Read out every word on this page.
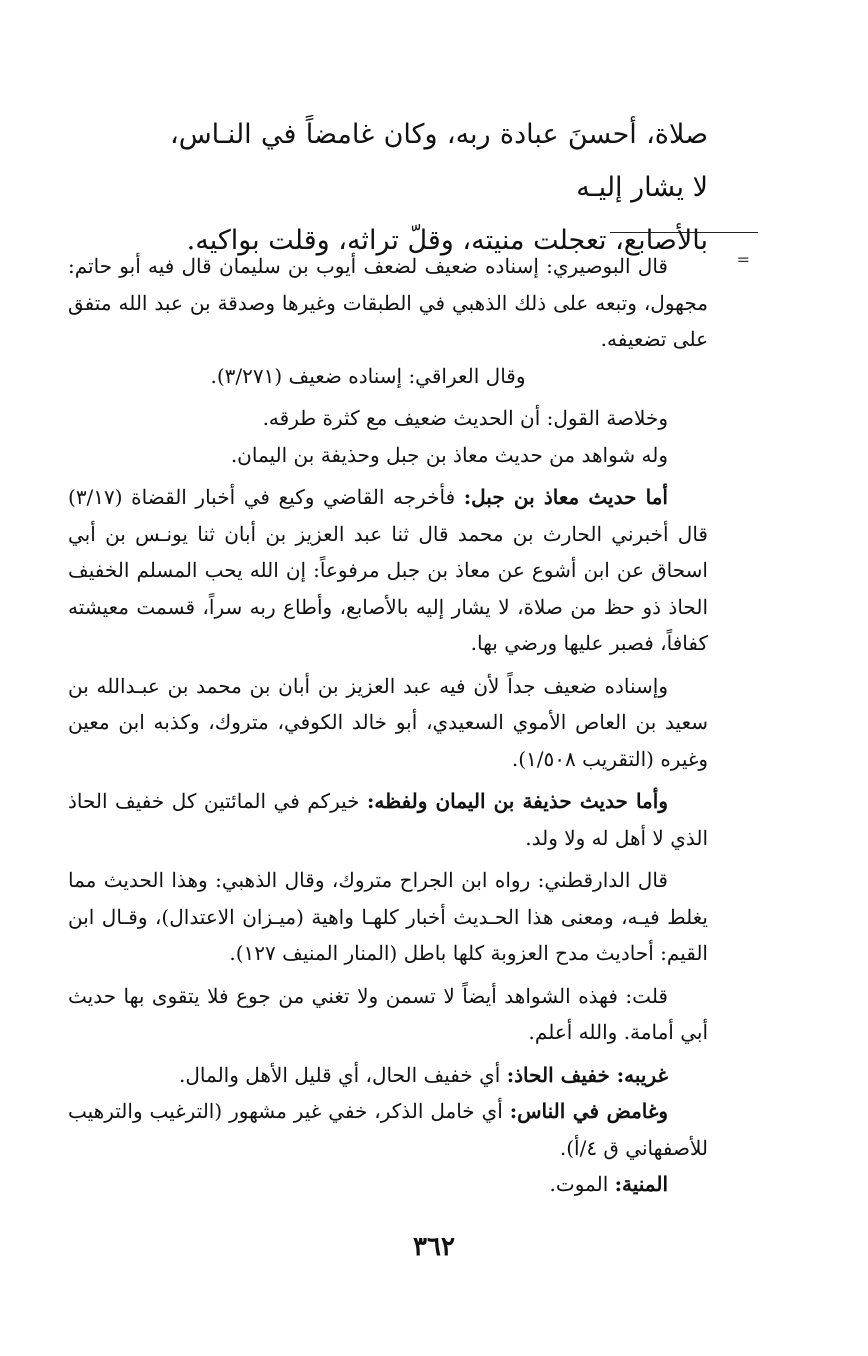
صلاة، أحسنَ عبادة ربه، وكان غامضاً في النـاس، لا يشار إليـه
بالأصابع، تعجلت منيته، وقلّ تراثه، وقلت بواكيه.
=

قال البوصيري: إسناده ضعيف لضعف أيوب بن سليمان قال فيه أبو حاتم: مجهول، وتبعه على ذلك الذهبي في الطبقات وغيرها وصدقة بن عبد الله متفق على تضعيفه.

وقال العراقي: إسناده ضعيف (٣/٢٧١).

وخلاصة القول: أن الحديث ضعيف مع كثرة طرقه.

وله شواهد من حديث معاذ بن جبل وحذيفة بن اليمان.

أما حديث معاذ بن جبل: فأخرجه القاضي وكيع في أخبار القضاة (٣/١٧) قال أخبرني الحارث بن محمد قال ثنا عبد العزيز بن أبان ثنا يونـس بن أبي اسحاق عن ابن أشوع عن معاذ بن جبل مرفوعاً: إن الله يحب المسلم الخفيف الحاذ ذو حظ من صلاة، لا يشار إليه بالأصابع، وأطاع ربه سراً، قسمت معيشته كفافاً، فصبر عليها ورضي بها.

وإسناده ضعيف جداً لأن فيه عبد العزيز بن أبان بن محمد بن عبـدالله بن سعيد بن العاص الأموي السعيدي، أبو خالد الكوفي، متروك، وكذبه ابن معين وغيره (التقريب ١/٥٠٨).

وأما حديث حذيفة بن اليمان ولفظه: خيركم في المائتين كل خفيف الحاذ الذي لا أهل له ولا ولد.

قال الدارقطني: رواه ابن الجراح متروك، وقال الذهبي: وهذا الحديث مما يغلط فيـه، ومعنى هذا الحـديث أخبار كلهـا واهية (ميـزان الاعتدال)، وقـال ابن القيم: أحاديث مدح العزوبة كلها باطل (المنار المنيف ١٢٧).

قلت: فهذه الشواهد أيضاً لا تسمن ولا تغني من جوع فلا يتقوى بها حديث أبي أمامة. والله أعلم.

غريبه: خفيف الحاذ: أي خفيف الحال، أي قليل الأهل والمال.

وغامض في الناس: أي خامل الذكر، خفي غير مشهور (الترغيب والترهيب للأصفهاني ق ٤/أ).

المنية: الموت.

٣٦٢
